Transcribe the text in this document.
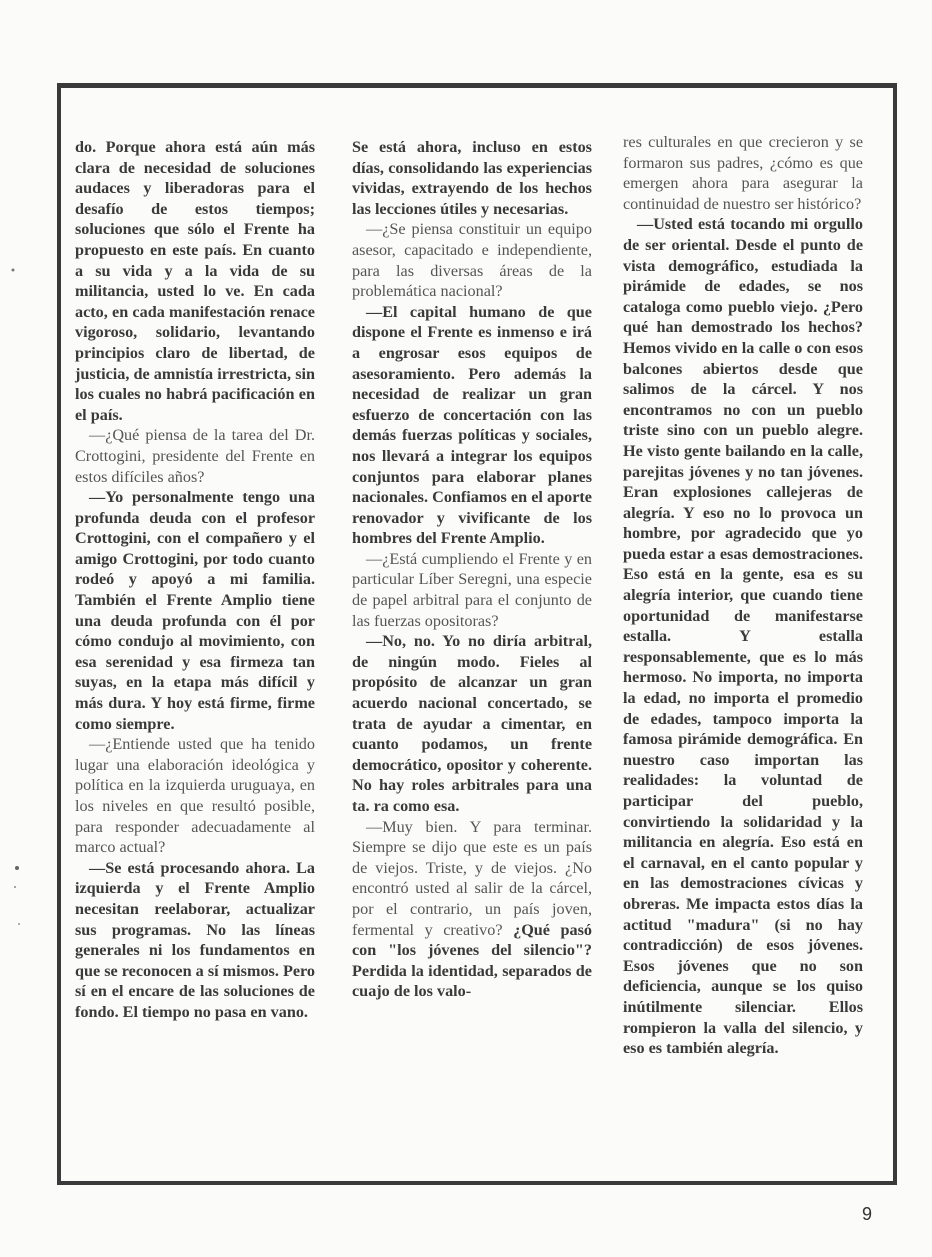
do. Porque ahora está aún más clara de necesidad de soluciones audaces y liberadoras para el desafío de estos tiempos; soluciones que sólo el Frente ha propuesto en este país. En cuanto a su vida y a la vida de su militancia, usted lo ve. En cada acto, en cada manifestación renace vigoroso, solidario, levantando principios claro de libertad, de justicia, de amnistía irrestricta, sin los cuales no habrá pacificación en el país.

—¿Qué piensa de la tarea del Dr. Crottogini, presidente del Frente en estos difíciles años?

—Yo personalmente tengo una profunda deuda con el profesor Crottogini, con el compañero y el amigo Crottogini, por todo cuanto rodeó y apoyó a mi familia. También el Frente Amplio tiene una deuda profunda con él por cómo condujo al movimiento, con esa serenidad y esa firmeza tan suyas, en la etapa más difícil y más dura. Y hoy está firme, firme como siempre.

—¿Entiende usted que ha tenido lugar una elaboración ideológica y política en la izquierda uruguaya, en los niveles en que resultó posible, para responder adecuadamente al marco actual?

—Se está procesando ahora. La izquierda y el Frente Amplio necesitan reelaborar, actualizar sus programas. No las líneas generales ni los fundamentos en que se reconocen a sí mismos. Pero sí en el encare de las soluciones de fondo. El tiempo no pasa en vano.

Se está ahora, incluso en estos días, consolidando las experiencias vividas, extrayendo de los hechos las lecciones útiles y necesarias.

—¿Se piensa constituir un equipo asesor, capacitado e independiente, para las diversas áreas de la problemática nacional?

—El capital humano de que dispone el Frente es inmenso e irá a engrosar esos equipos de asesoramiento. Pero además la necesidad de realizar un gran esfuerzo de concertación con las demás fuerzas políticas y sociales, nos llevará a integrar los equipos conjuntos para elaborar planes nacionales. Confiamos en el aporte renovador y vivificante de los hombres del Frente Amplio.

—¿Está cumpliendo el Frente y en particular Líber Seregni, una especie de papel arbitral para el conjunto de las fuerzas opositoras?

—No, no. Yo no diría arbitral, de ningún modo. Fieles al propósito de alcanzar un gran acuerdo nacional concertado, se trata de ayudar a cimentar, en cuanto podamos, un frente democrático, opositor y coherente. No hay roles arbitrales para una ta. ra como esa.

—Muy bien. Y para terminar. Siempre se dijo que este es un país de viejos. Triste, y de viejos. ¿No encontró usted al salir de la cárcel, por el contrario, un país joven, fermental y creativo? ¿Qué pasó con "los jóvenes del silencio"? Perdida la identidad, separados de cuajo de los valo-

res culturales en que crecieron y se formaron sus padres, ¿cómo es que emergen ahora para asegurar la continuidad de nuestro ser histórico?

—Usted está tocando mi orgullo de ser oriental. Desde el punto de vista demográfico, estudiada la pirámide de edades, se nos cataloga como pueblo viejo. ¿Pero qué han demostrado los hechos? Hemos vivido en la calle o con esos balcones abiertos desde que salimos de la cárcel. Y nos encontramos no con un pueblo triste sino con un pueblo alegre. He visto gente bailando en la calle, parejitas jóvenes y no tan jóvenes. Eran explosiones callejeras de alegría. Y eso no lo provoca un hombre, por agradecido que yo pueda estar a esas demostraciones. Eso está en la gente, esa es su alegría interior, que cuando tiene oportunidad de manifestarse estalla. Y estalla responsablemente, que es lo más hermoso. No importa, no importa la edad, no importa el promedio de edades, tampoco importa la famosa pirámide demográfica. En nuestro caso importan las realidades: la voluntad de participar del pueblo, convirtiendo la solidaridad y la militancia en alegría. Eso está en el carnaval, en el canto popular y en las demostraciones cívicas y obreras. Me impacta estos días la actitud "madura" (si no hay contradicción) de esos jóvenes. Esos jóvenes que no son deficiencia, aunque se los quiso inútilmente silenciar. Ellos rompieron la valla del silencio, y eso es también alegría.

9
